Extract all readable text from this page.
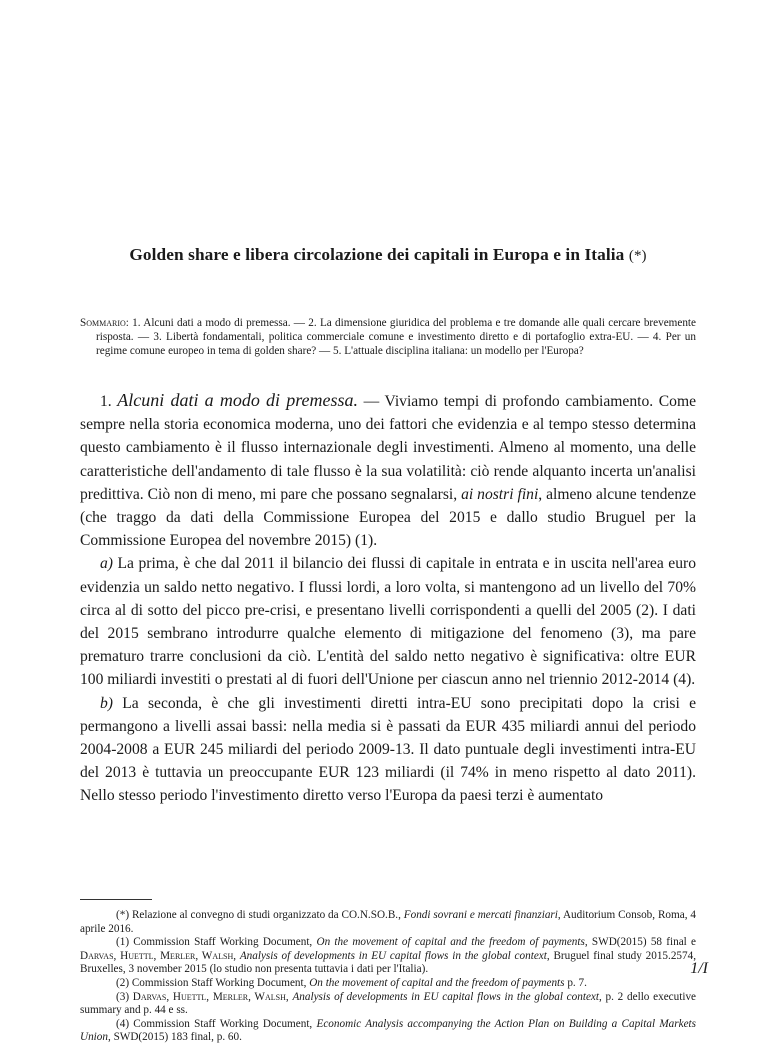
Golden share e libera circolazione dei capitali in Europa e in Italia (*)
Sommario: 1. Alcuni dati a modo di premessa. — 2. La dimensione giuridica del problema e tre domande alle quali cercare brevemente risposta. — 3. Libertà fondamentali, politica commerciale comune e investimento diretto e di portafoglio extra-EU. — 4. Per un regime comune europeo in tema di golden share? — 5. L'attuale disciplina italiana: un modello per l'Europa?

1. Alcuni dati a modo di premessa. — Viviamo tempi di profondo cambiamento. Come sempre nella storia economica moderna, uno dei fattori che evidenzia e al tempo stesso determina questo cambiamento è il flusso internazionale degli investimenti. Almeno al momento, una delle caratteristiche dell'andamento di tale flusso è la sua volatilità: ciò rende alquanto incerta un'analisi predittiva. Ciò non di meno, mi pare che possano segnalarsi, ai nostri fini, almeno alcune tendenze (che traggo da dati della Commissione Europea del 2015 e dallo studio Bruguel per la Commissione Europea del novembre 2015) (1).

a) La prima, è che dal 2011 il bilancio dei flussi di capitale in entrata e in uscita nell'area euro evidenzia un saldo netto negativo. I flussi lordi, a loro volta, si mantengono ad un livello del 70% circa al di sotto del picco pre-crisi, e presentano livelli corrispondenti a quelli del 2005 (2). I dati del 2015 sembrano introdurre qualche elemento di mitigazione del fenomeno (3), ma pare prematuro trarre conclusioni da ciò. L'entità del saldo netto negativo è significativa: oltre EUR 100 miliardi investiti o prestati al di fuori dell'Unione per ciascun anno nel triennio 2012-2014 (4).

b) La seconda, è che gli investimenti diretti intra-EU sono precipitati dopo la crisi e permangono a livelli assai bassi: nella media si è passati da EUR 435 miliardi annui del periodo 2004-2008 a EUR 245 miliardi del periodo 2009-13. Il dato puntuale degli investimenti intra-EU del 2013 è tuttavia un preoccupante EUR 123 miliardi (il 74% in meno rispetto al dato 2011). Nello stesso periodo l'investimento diretto verso l'Europa da paesi terzi è aumentato

(*) Relazione al convegno di studi organizzato da CO.N.SO.B., Fondi sovrani e mercati finanziari, Auditorium Consob, Roma, 4 aprile 2016.

(1) Commission Staff Working Document, On the movement of capital and the freedom of payments, SWD(2015) 58 final e Darvas, Huettl, Merler, Walsh, Analysis of developments in EU capital flows in the global context, Bruguel final study 2015.2574, Bruxelles, 3 november 2015 (lo studio non presenta tuttavia i dati per l'Italia).

(2) Commission Staff Working Document, On the movement of capital and the freedom of payments p. 7.

(3) Darvas, Huettl, Merler, Walsh, Analysis of developments in EU capital flows in the global context, p. 2 dello executive summary and p. 44 e ss.

(4) Commission Staff Working Document, Economic Analysis accompanying the Action Plan on Building a Capital Markets Union, SWD(2015) 183 final, p. 60.

1/I
